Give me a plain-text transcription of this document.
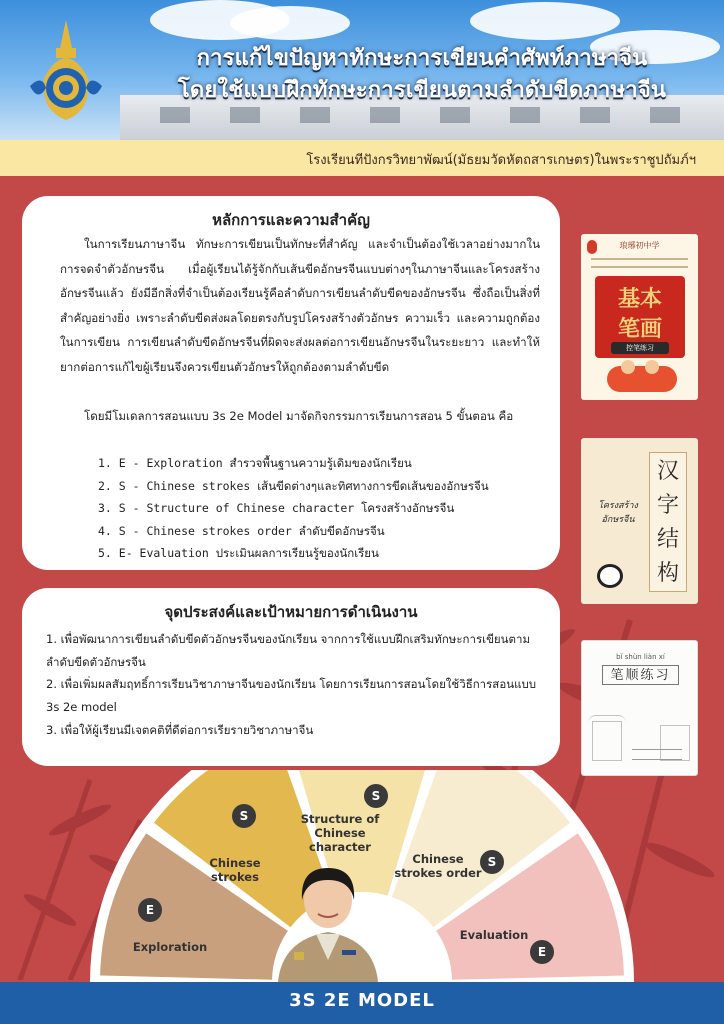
การแก้ไขปัญหาทักษะการเขียนคำศัพท์ภาษาจีน
โดยใช้แบบฝึกทักษะการเขียนตามลำดับขีดภาษาจีน
โรงเรียนทีปังกรวิทยาพัฒน์(มัธยมวัดหัตถสารเกษตร)ในพระราชูปถัมภ์ฯ
หลักการและความสำคัญ

ในการเรียนภาษาจีน ทักษะการเขียนเป็นทักษะที่สำคัญ และจำเป็นต้องใช้เวลาอย่างมากในการจดจำตัวอักษรจีน เมื่อผู้เรียนได้รู้จักกับเส้นขีดอักษรจีนแบบต่างๆในภาษาจีนและโครงสร้างอักษรจีนแล้ว ยังมีอีกสิ่งที่จำเป็นต้องเรียนรู้คือลำดับการเขียนลำดับขีดของอักษรจีน ซึ่งถือเป็นสิ่งที่สำคัญอย่างยิ่ง เพราะลำดับขีดส่งผลโดยตรงกับรูปโครงสร้างตัวอักษร ความเร็ว และความถูกต้องในการเขียน การเขียนลำดับขีดอักษรจีนที่ผิดจะส่งผลต่อการเขียนอักษรจีนในระยะยาว และทำให้ยากต่อการแก้ไขผู้เรียนจึงควรเขียนตัวอักษรให้ถูกต้องตามลำดับขีด

โดยมีโมเดลการสอนแบบ 3s 2e Model มาจัดกิจกรรมการเรียนการสอน 5 ขั้นตอน คือ

1. E - Exploration สำรวจพื้นฐานความรู้เดิมของนักเรียน
2. S - Chinese strokes เส้นขีดต่างๆและทิศทางการขีดเส้นของอักษรจีน
3. S - Structure of Chinese character โครงสร้างอักษรจีน
4. S - Chinese strokes order ลำดับขีดอักษรจีน
5. E- Evaluation ประเมินผลการเรียนรู้ของนักเรียน
จุดประสงค์และเป้าหมายการดำเนินงาน
1. เพื่อพัฒนาการเขียนลำดับขีดตัวอักษรจีนของนักเรียน จากการใช้แบบฝึกเสริมทักษะการเขียนตามลำดับขีดตัวอักษรจีน
2. เพื่อเพิ่มผลสัมฤทธิ์การเรียนวิชาภาษาจีนของนักเรียน โดยการเรียนการสอนโดยใช้วิธีการสอนแบบ 3s 2e model
3. เพื่อให้ผู้เรียนมีเจตคติที่ดีต่อการเรียรายวิชาภาษาจีน
琅琊初中学
基本
笔画
控笔练习
汉
字
结
构
โครงสร้าง
อักษรจีน
bǐ shùn liàn xí
笔顺练习
Exploration
E
Chinese strokes
S	Structure of Chinese character
S
Chinese strokes order
S
Evaluation
E
3S 2E MODEL
